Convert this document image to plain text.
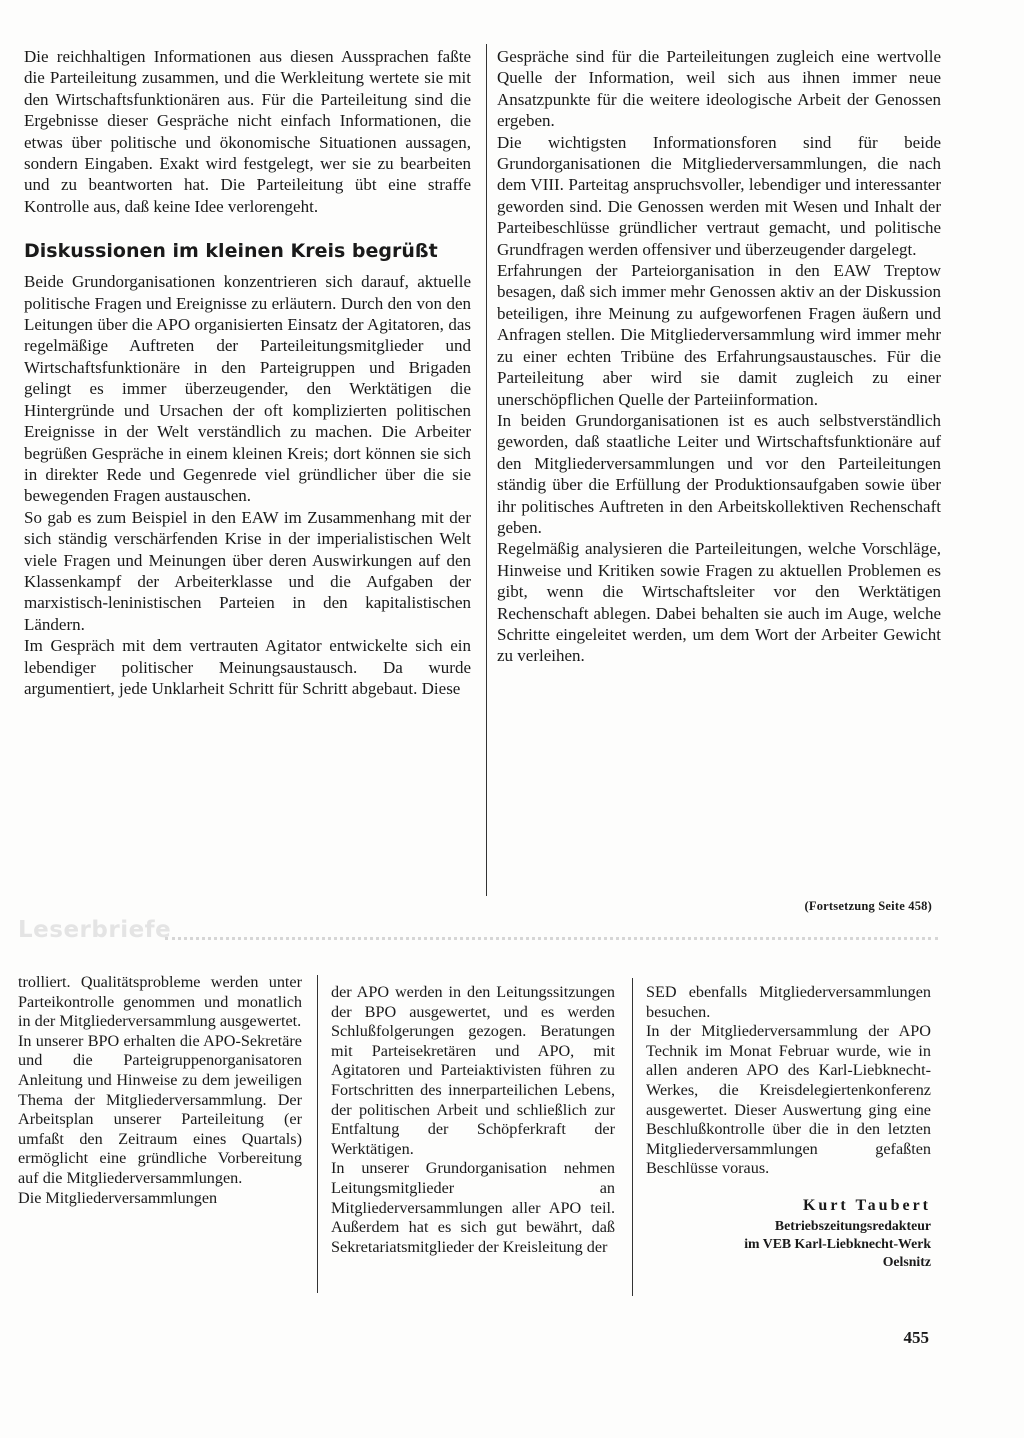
Die reichhaltigen Informationen aus diesen Aussprachen faßte die Parteileitung zusammen, und die Werkleitung wertete sie mit den Wirtschaftsfunktionären aus. Für die Parteileitung sind die Ergebnisse dieser Gespräche nicht einfach Informationen, die etwas über politische und ökonomische Situationen aussagen, sondern Eingaben. Exakt wird festgelegt, wer sie zu bearbeiten und zu beantworten hat. Die Parteileitung übt eine straffe Kontrolle aus, daß keine Idee verlorengeht.

Diskussionen im kleinen Kreis begrüßt

Beide Grundorganisationen konzentrieren sich darauf, aktuelle politische Fragen und Ereignisse zu erläutern. Durch den von den Leitungen über die APO organisierten Einsatz der Agitatoren, das regelmäßige Auftreten der Parteileitungsmitglieder und Wirtschaftsfunktionäre in den Parteigruppen und Brigaden gelingt es immer überzeugender, den Werktätigen die Hintergründe und Ursachen der oft komplizierten politischen Ereignisse in der Welt verständlich zu machen. Die Arbeiter begrüßen Gespräche in einem kleinen Kreis; dort können sie sich in direkter Rede und Gegenrede viel gründlicher über die sie bewegenden Fragen austauschen.

So gab es zum Beispiel in den EAW im Zusammenhang mit der sich ständig verschärfenden Krise in der imperialistischen Welt viele Fragen und Meinungen über deren Auswirkungen auf den Klassenkampf der Arbeiterklasse und die Aufgaben der marxistisch-leninistischen Parteien in den kapitalistischen Ländern.

Im Gespräch mit dem vertrauten Agitator entwickelte sich ein lebendiger politischer Meinungsaustausch. Da wurde argumentiert, jede Unklarheit Schritt für Schritt abgebaut. Diese

Gespräche sind für die Parteileitungen zugleich eine wertvolle Quelle der Information, weil sich aus ihnen immer neue Ansatzpunkte für die weitere ideologische Arbeit der Genossen ergeben.

Die wichtigsten Informationsforen sind für beide Grundorganisationen die Mitgliederversammlungen, die nach dem VIII. Parteitag anspruchsvoller, lebendiger und interessanter geworden sind. Die Genossen werden mit Wesen und Inhalt der Parteibeschlüsse gründlicher vertraut gemacht, und politische Grundfragen werden offensiver und überzeugender dargelegt.

Erfahrungen der Parteiorganisation in den EAW Treptow besagen, daß sich immer mehr Genossen aktiv an der Diskussion beteiligen, ihre Meinung zu aufgeworfenen Fragen äußern und Anfragen stellen. Die Mitgliederversammlung wird immer mehr zu einer echten Tribüne des Erfahrungsaustausches. Für die Parteileitung aber wird sie damit zugleich zu einer unerschöpflichen Quelle der Parteiinformation.

In beiden Grundorganisationen ist es auch selbstverständlich geworden, daß staatliche Leiter und Wirtschaftsfunktionäre auf den Mitgliederversammlungen und vor den Parteileitungen ständig über die Erfüllung der Produktionsaufgaben sowie über ihr politisches Auftreten in den Arbeitskollektiven Rechenschaft geben.

Regelmäßig analysieren die Parteileitungen, welche Vorschläge, Hinweise und Kritiken sowie Fragen zu aktuellen Problemen es gibt, wenn die Wirtschaftsleiter vor den Werktätigen Rechenschaft ablegen. Dabei behalten sie auch im Auge, welche Schritte eingeleitet werden, um dem Wort der Arbeiter Gewicht zu verleihen.

(Fortsetzung Seite 458)
Leserbriefe

trolliert. Qualitätsprobleme werden unter Parteikontrolle genommen und monatlich in der Mitgliederversammlung ausgewertet.

In unserer BPO erhalten die APO-Sekretäre und die Parteigruppenorganisatoren Anleitung und Hinweise zu dem jeweiligen Thema der Mitgliederversammlung. Der Arbeitsplan unserer Parteileitung (er umfaßt den Zeitraum eines Quartals) ermöglicht eine gründliche Vorbereitung auf die Mitgliederversammlungen.

Die Mitgliederversammlungen

der APO werden in den Leitungssitzungen der BPO ausgewertet, und es werden Schlußfolgerungen gezogen. Beratungen mit Parteisekretären und APO, mit Agitatoren und Parteiaktivisten führen zu Fortschritten des innerparteilichen Lebens, der politischen Arbeit und schließlich zur Entfaltung der Schöpferkraft der Werktätigen.

In unserer Grundorganisation nehmen Leitungsmitglieder an Mitgliederversammlungen aller APO teil. Außerdem hat es sich gut bewährt, daß Sekretariatsmitglieder der Kreisleitung der

SED ebenfalls Mitgliederversammlungen besuchen.

In der Mitgliederversammlung der APO Technik im Monat Februar wurde, wie in allen anderen APO des Karl-Liebknecht-Werkes, die Kreisdelegiertenkonferenz ausgewertet. Dieser Auswertung ging eine Beschlußkontrolle über die in den letzten Mitgliederversammlungen gefaßten Beschlüsse voraus.

Kurt Taubert
Betriebszeitungsredakteur
im VEB Karl-Liebknecht-Werk
Oelsnitz
455
